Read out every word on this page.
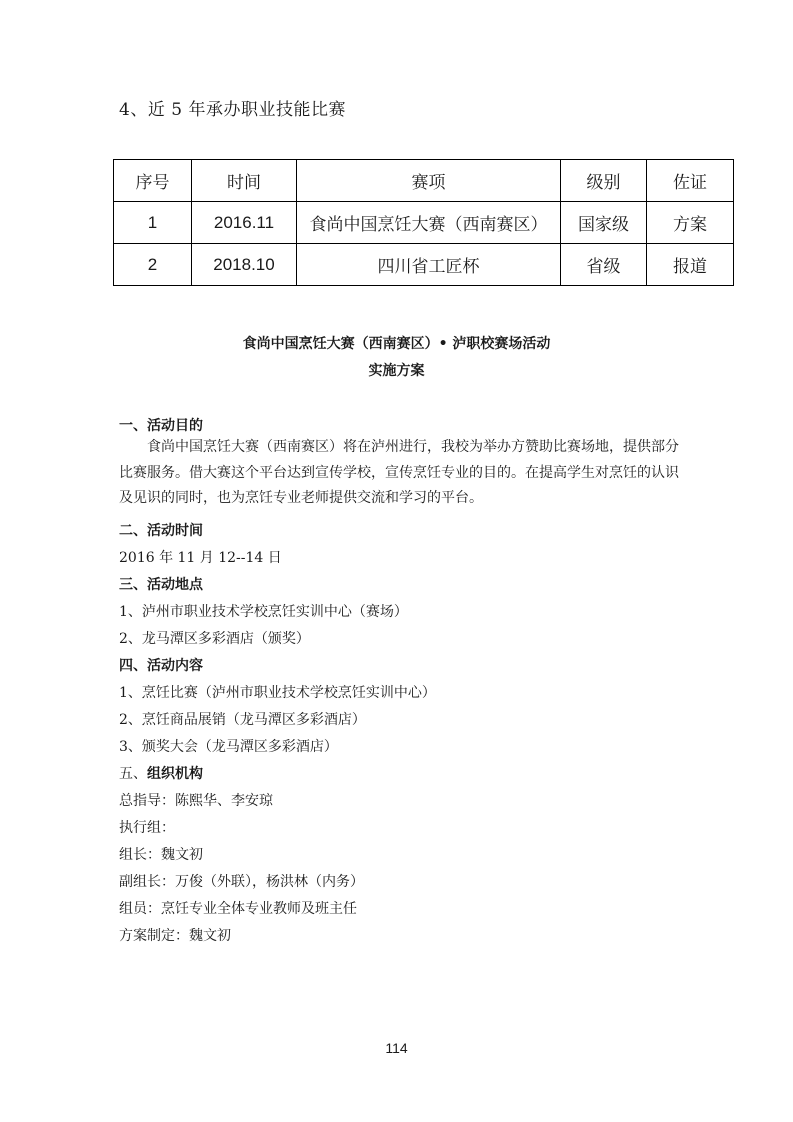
4、近 5 年承办职业技能比赛
序号	时间	赛项	级别	佐证
1	2016.11	食尚中国烹饪大赛（西南赛区）	国家级	方案
2	2018.10	四川省工匠杯	省级	报道
食尚中国烹饪大赛（西南赛区）• 泸职校赛场活动
实施方案
一、活动目的
食尚中国烹饪大赛（西南赛区）将在泸州进行，我校为举办方赞助比赛场地，提供部分比赛服务。借大赛这个平台达到宣传学校，宣传烹饪专业的目的。在提高学生对烹饪的认识及见识的同时，也为烹饪专业老师提供交流和学习的平台。
二、活动时间
2016 年 11 月 12--14 日
三、活动地点
1、泸州市职业技术学校烹饪实训中心（赛场）
2、龙马潭区多彩酒店（颁奖）
四、活动内容
1、烹饪比赛（泸州市职业技术学校烹饪实训中心）
2、烹饪商品展销（龙马潭区多彩酒店）
3、颁奖大会（龙马潭区多彩酒店）
五、组织机构
总指导：陈熙华、李安琼
执行组：
组长：魏文初
副组长：万俊（外联），杨洪林（内务）
组员：烹饪专业全体专业教师及班主任
方案制定：魏文初
114
